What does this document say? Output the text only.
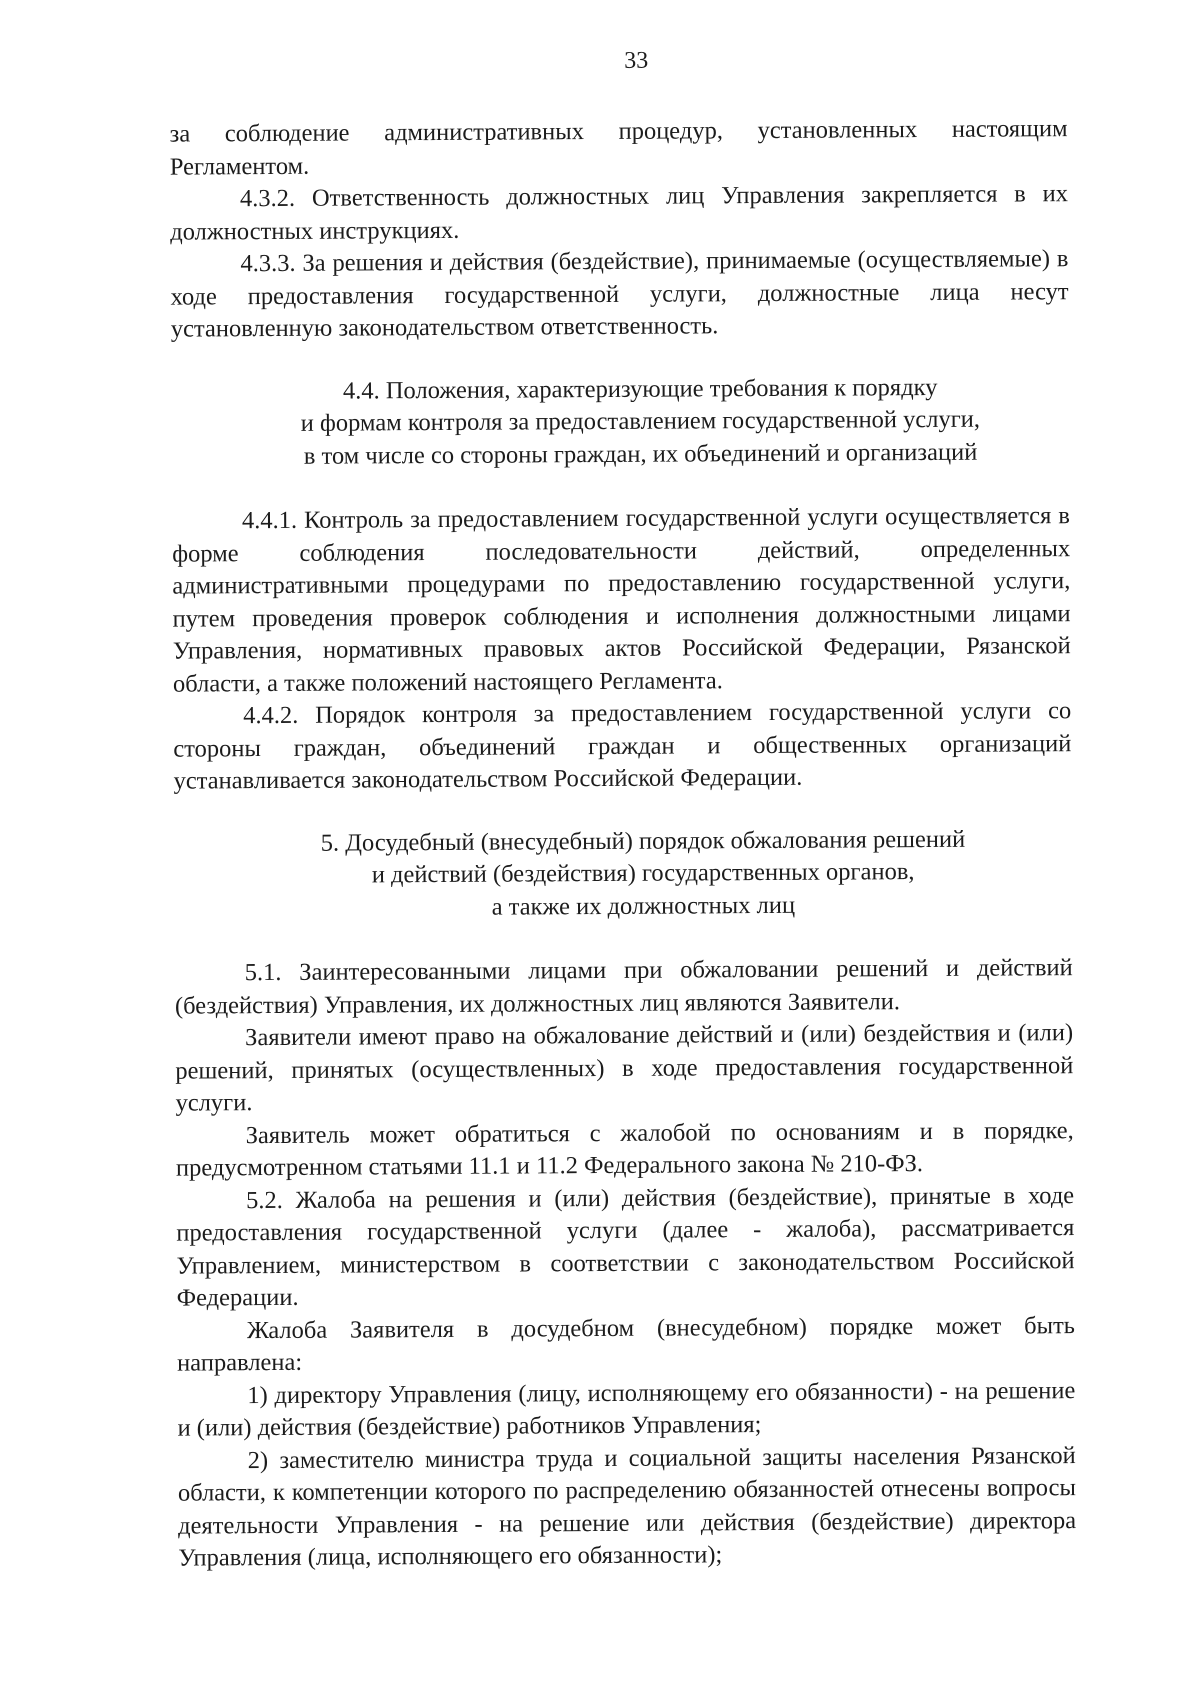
33

за соблюдение административных процедур, установленных настоящим Регламентом.

4.3.2. Ответственность должностных лиц Управления закрепляется в их должностных инструкциях.

4.3.3. За решения и действия (бездействие), принимаемые (осуществляемые) в ходе предоставления государственной услуги, должностные лица несут установленную законодательством ответственность.

4.4. Положения, характеризующие требования к порядку
и формам контроля за предоставлением государственной услуги,
в том числе со стороны граждан, их объединений и организаций

4.4.1. Контроль за предоставлением государственной услуги осуществляется в форме соблюдения последовательности действий, определенных административными процедурами по предоставлению государственной услуги, путем проведения проверок соблюдения и исполнения должностными лицами Управления, нормативных правовых актов Российской Федерации, Рязанской области, а также положений настоящего Регламента.

4.4.2. Порядок контроля за предоставлением государственной услуги со стороны граждан, объединений граждан и общественных организаций устанавливается законодательством Российской Федерации.

5. Досудебный (внесудебный) порядок обжалования решений
и действий (бездействия) государственных органов,
а также их должностных лиц

5.1. Заинтересованными лицами при обжаловании решений и действий (бездействия) Управления, их должностных лиц являются Заявители.

Заявители имеют право на обжалование действий и (или) бездействия и (или) решений, принятых (осуществленных) в ходе предоставления государственной услуги.

Заявитель может обратиться с жалобой по основаниям и в порядке, предусмотренном статьями 11.1 и 11.2 Федерального закона № 210-ФЗ.

5.2. Жалоба на решения и (или) действия (бездействие), принятые в ходе предоставления государственной услуги (далее - жалоба), рассматривается Управлением, министерством в соответствии с законодательством Российской Федерации.

Жалоба Заявителя в досудебном (внесудебном) порядке может быть направлена:

1) директору Управления (лицу, исполняющему его обязанности) - на решение и (или) действия (бездействие) работников Управления;

2) заместителю министра труда и социальной защиты населения Рязанской области, к компетенции которого по распределению обязанностей отнесены вопросы деятельности Управления - на решение или действия (бездействие) директора Управления (лица, исполняющего его обязанности);
